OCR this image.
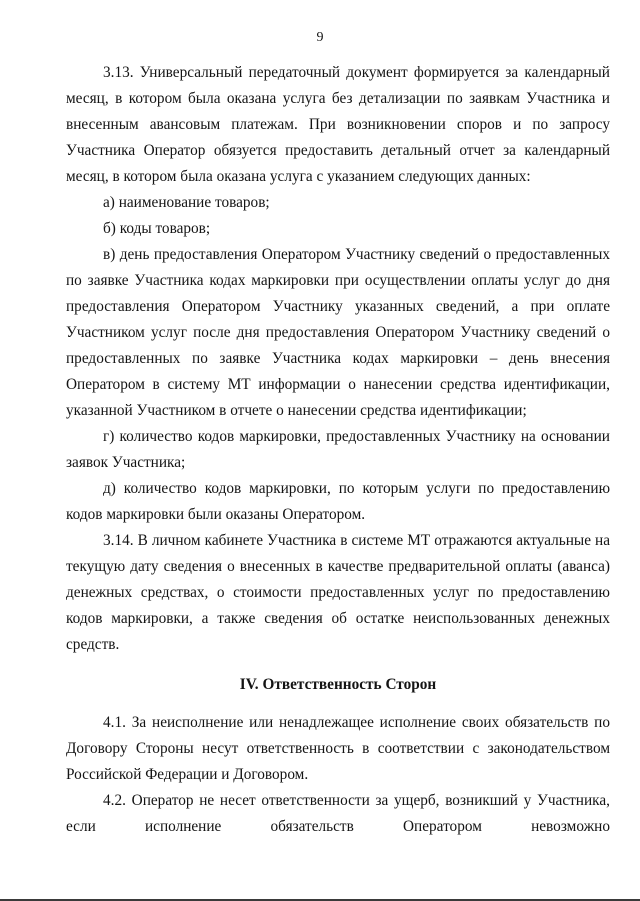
9

3.13. Универсальный передаточный документ формируется за календарный месяц, в котором была оказана услуга без детализации по заявкам Участника и внесенным авансовым платежам. При возникновении споров и по запросу Участника Оператор обязуется предоставить детальный отчет за календарный месяц, в котором была оказана услуга с указанием следующих данных:

а) наименование товаров;

б) коды товаров;

в) день предоставления Оператором Участнику сведений о предоставленных по заявке Участника кодах маркировки при осуществлении оплаты услуг до дня предоставления Оператором Участнику указанных сведений, а при оплате Участником услуг после дня предоставления Оператором Участнику сведений о предоставленных по заявке Участника кодах маркировки – день внесения Оператором в систему МТ информации о нанесении средства идентификации, указанной Участником в отчете о нанесении средства идентификации;

г) количество кодов маркировки, предоставленных Участнику на основании заявок Участника;

д) количество кодов маркировки, по которым услуги по предоставлению кодов маркировки были оказаны Оператором.

3.14. В личном кабинете Участника в системе МТ отражаются актуальные на текущую дату сведения о внесенных в качестве предварительной оплаты (аванса) денежных средствах, о стоимости предоставленных услуг по предоставлению кодов маркировки, а также сведения об остатке неиспользованных денежных средств.

IV. Ответственность Сторон

4.1. За неисполнение или ненадлежащее исполнение своих обязательств по Договору Стороны несут ответственность в соответствии с законодательством Российской Федерации и Договором.

4.2. Оператор не несет ответственности за ущерб, возникший у Участника, если исполнение обязательств Оператором невозможно
